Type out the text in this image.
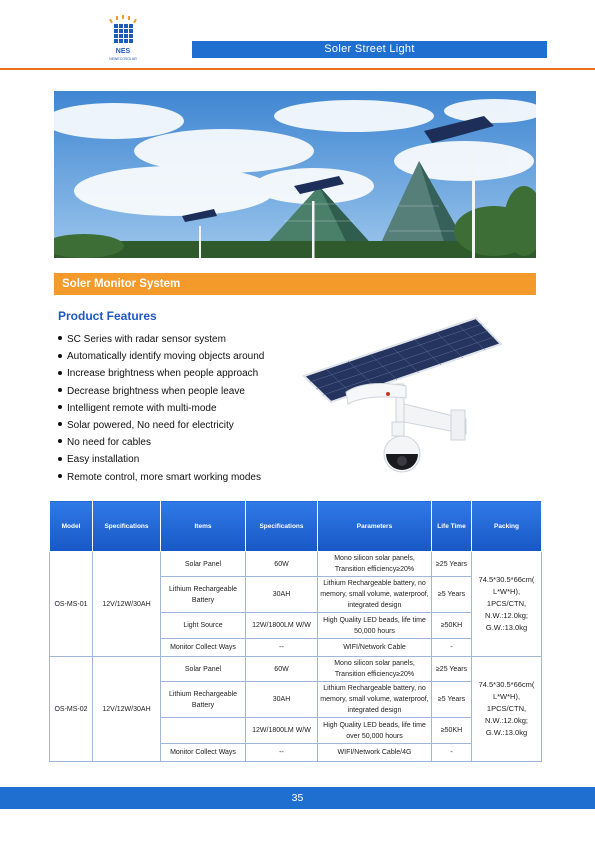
NES
NEWECOSOLAR
Soler Street Light
Soler Monitor System
Product Features
SC Series with radar sensor system
Automatically identify moving objects around
Increase brightness when people approach
Decrease brightness when people leave
Intelligent remote with multi-mode
Solar powered, No need for electricity
No need for cables
Easy installation
Remote control, more smart working modes
Model	Specifications	Items	Specifications	Parameters	Life Time	Packing
OS-MS-01	12V/12W/30AH	Solar Panel	60W	Mono silicon solar panels, Transition efficiency≥20%	≥25 Years	74.5*30.5*66cm( L*W*H), 1PCS/CTN, N.W.:12.0kg; G.W.:13.0kg
		Lithium Rechargeable Battery	30AH	Lithium Rechargeable battery, no memory, small volume, waterproof, integrated design	≥5 Years	
		Light Source	12W/1800LM W/W	High Quality LED beads, life time 50,000 hours	≥50KH	
		Monitor Collect Ways	--	WIFI/Network Cable	-	
OS-MS-02	12V/12W/30AH	Solar Panel	60W	Mono silicon solar panels, Transition efficiency≥20%	≥25 Years	74.5*30.5*66cm( L*W*H), 1PCS/CTN, N.W.:12.0kg; G.W.:13.0kg
		Lithium Rechargeable Battery	30AH	Lithium Rechargeable battery, no memory, small volume, waterproof, integrated design	≥5 Years	
			12W/1800LM W/W	High Quality LED beads, life time over 50,000 hours	≥50KH	
		Monitor Collect Ways	--	WIFI/Network Cable/4G	-	
35
